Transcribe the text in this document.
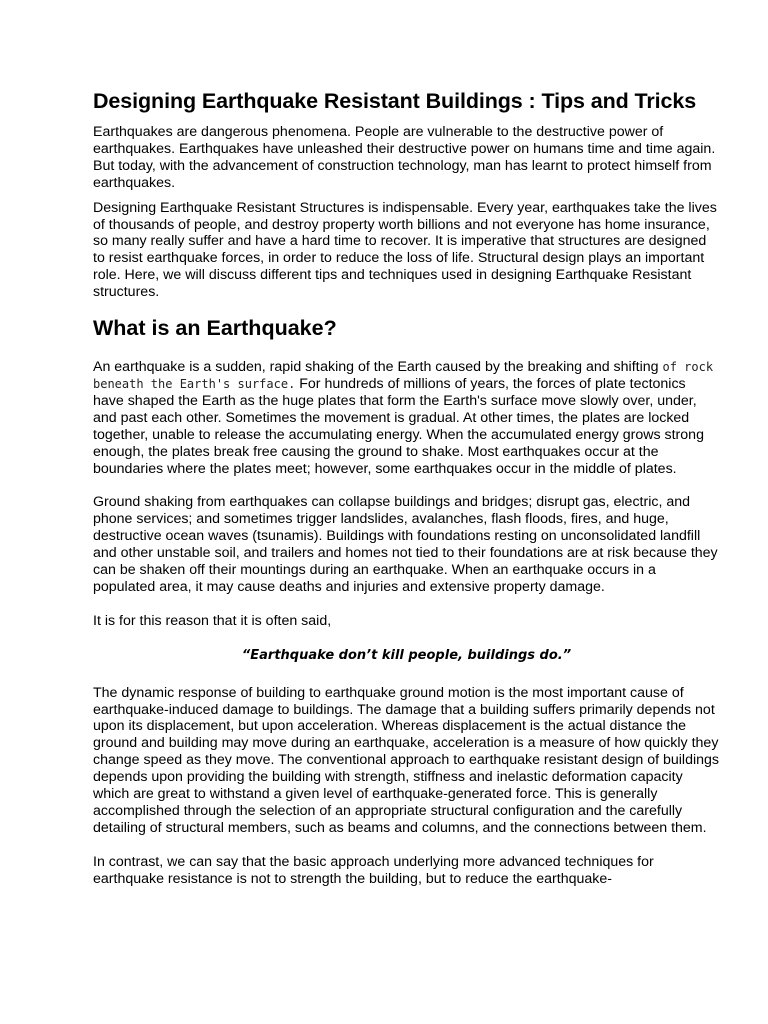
Designing Earthquake Resistant Buildings : Tips and Tricks

Earthquakes are dangerous phenomena. People are vulnerable to the destructive power of earthquakes. Earthquakes have unleashed their destructive power on humans time and time again. But today, with the advancement of construction technology, man has learnt to protect himself from earthquakes.

Designing Earthquake Resistant Structures is indispensable. Every year, earthquakes take the lives of thousands of people, and destroy property worth billions and not everyone has home insurance, so many really suffer and have a hard time to recover. It is imperative that structures are designed to resist earthquake forces, in order to reduce the loss of life. Structural design plays an important role. Here, we will discuss different tips and techniques used in designing Earthquake Resistant structures.

What is an Earthquake?

An earthquake is a sudden, rapid shaking of the Earth caused by the breaking and shifting of rock beneath the Earth's surface. For hundreds of millions of years, the forces of plate tectonics have shaped the Earth as the huge plates that form the Earth's surface move slowly over, under, and past each other. Sometimes the movement is gradual. At other times, the plates are locked together, unable to release the accumulating energy. When the accumulated energy grows strong enough, the plates break free causing the ground to shake. Most earthquakes occur at the boundaries where the plates meet; however, some earthquakes occur in the middle of plates.

Ground shaking from earthquakes can collapse buildings and bridges; disrupt gas, electric, and phone services; and sometimes trigger landslides, avalanches, flash floods, fires, and huge, destructive ocean waves (tsunamis). Buildings with foundations resting on unconsolidated landfill and other unstable soil, and trailers and homes not tied to their foundations are at risk because they can be shaken off their mountings during an earthquake. When an earthquake occurs in a populated area, it may cause deaths and injuries and extensive property damage.

It is for this reason that it is often said,

“Earthquake don’t kill people, buildings do.”

The dynamic response of building to earthquake ground motion is the most important cause of earthquake-induced damage to buildings. The damage that a building suffers primarily depends not upon its displacement, but upon acceleration. Whereas displacement is the actual distance the ground and building may move during an earthquake, acceleration is a measure of how quickly they change speed as they move. The conventional approach to earthquake resistant design of buildings depends upon providing the building with strength, stiffness and inelastic deformation capacity which are great to withstand a given level of earthquake-generated force. This is generally accomplished through the selection of an appropriate structural configuration and the carefully detailing of structural members, such as beams and columns, and the connections between them.

In contrast, we can say that the basic approach underlying more advanced techniques for earthquake resistance is not to strength the building, but to reduce the earthquake-
